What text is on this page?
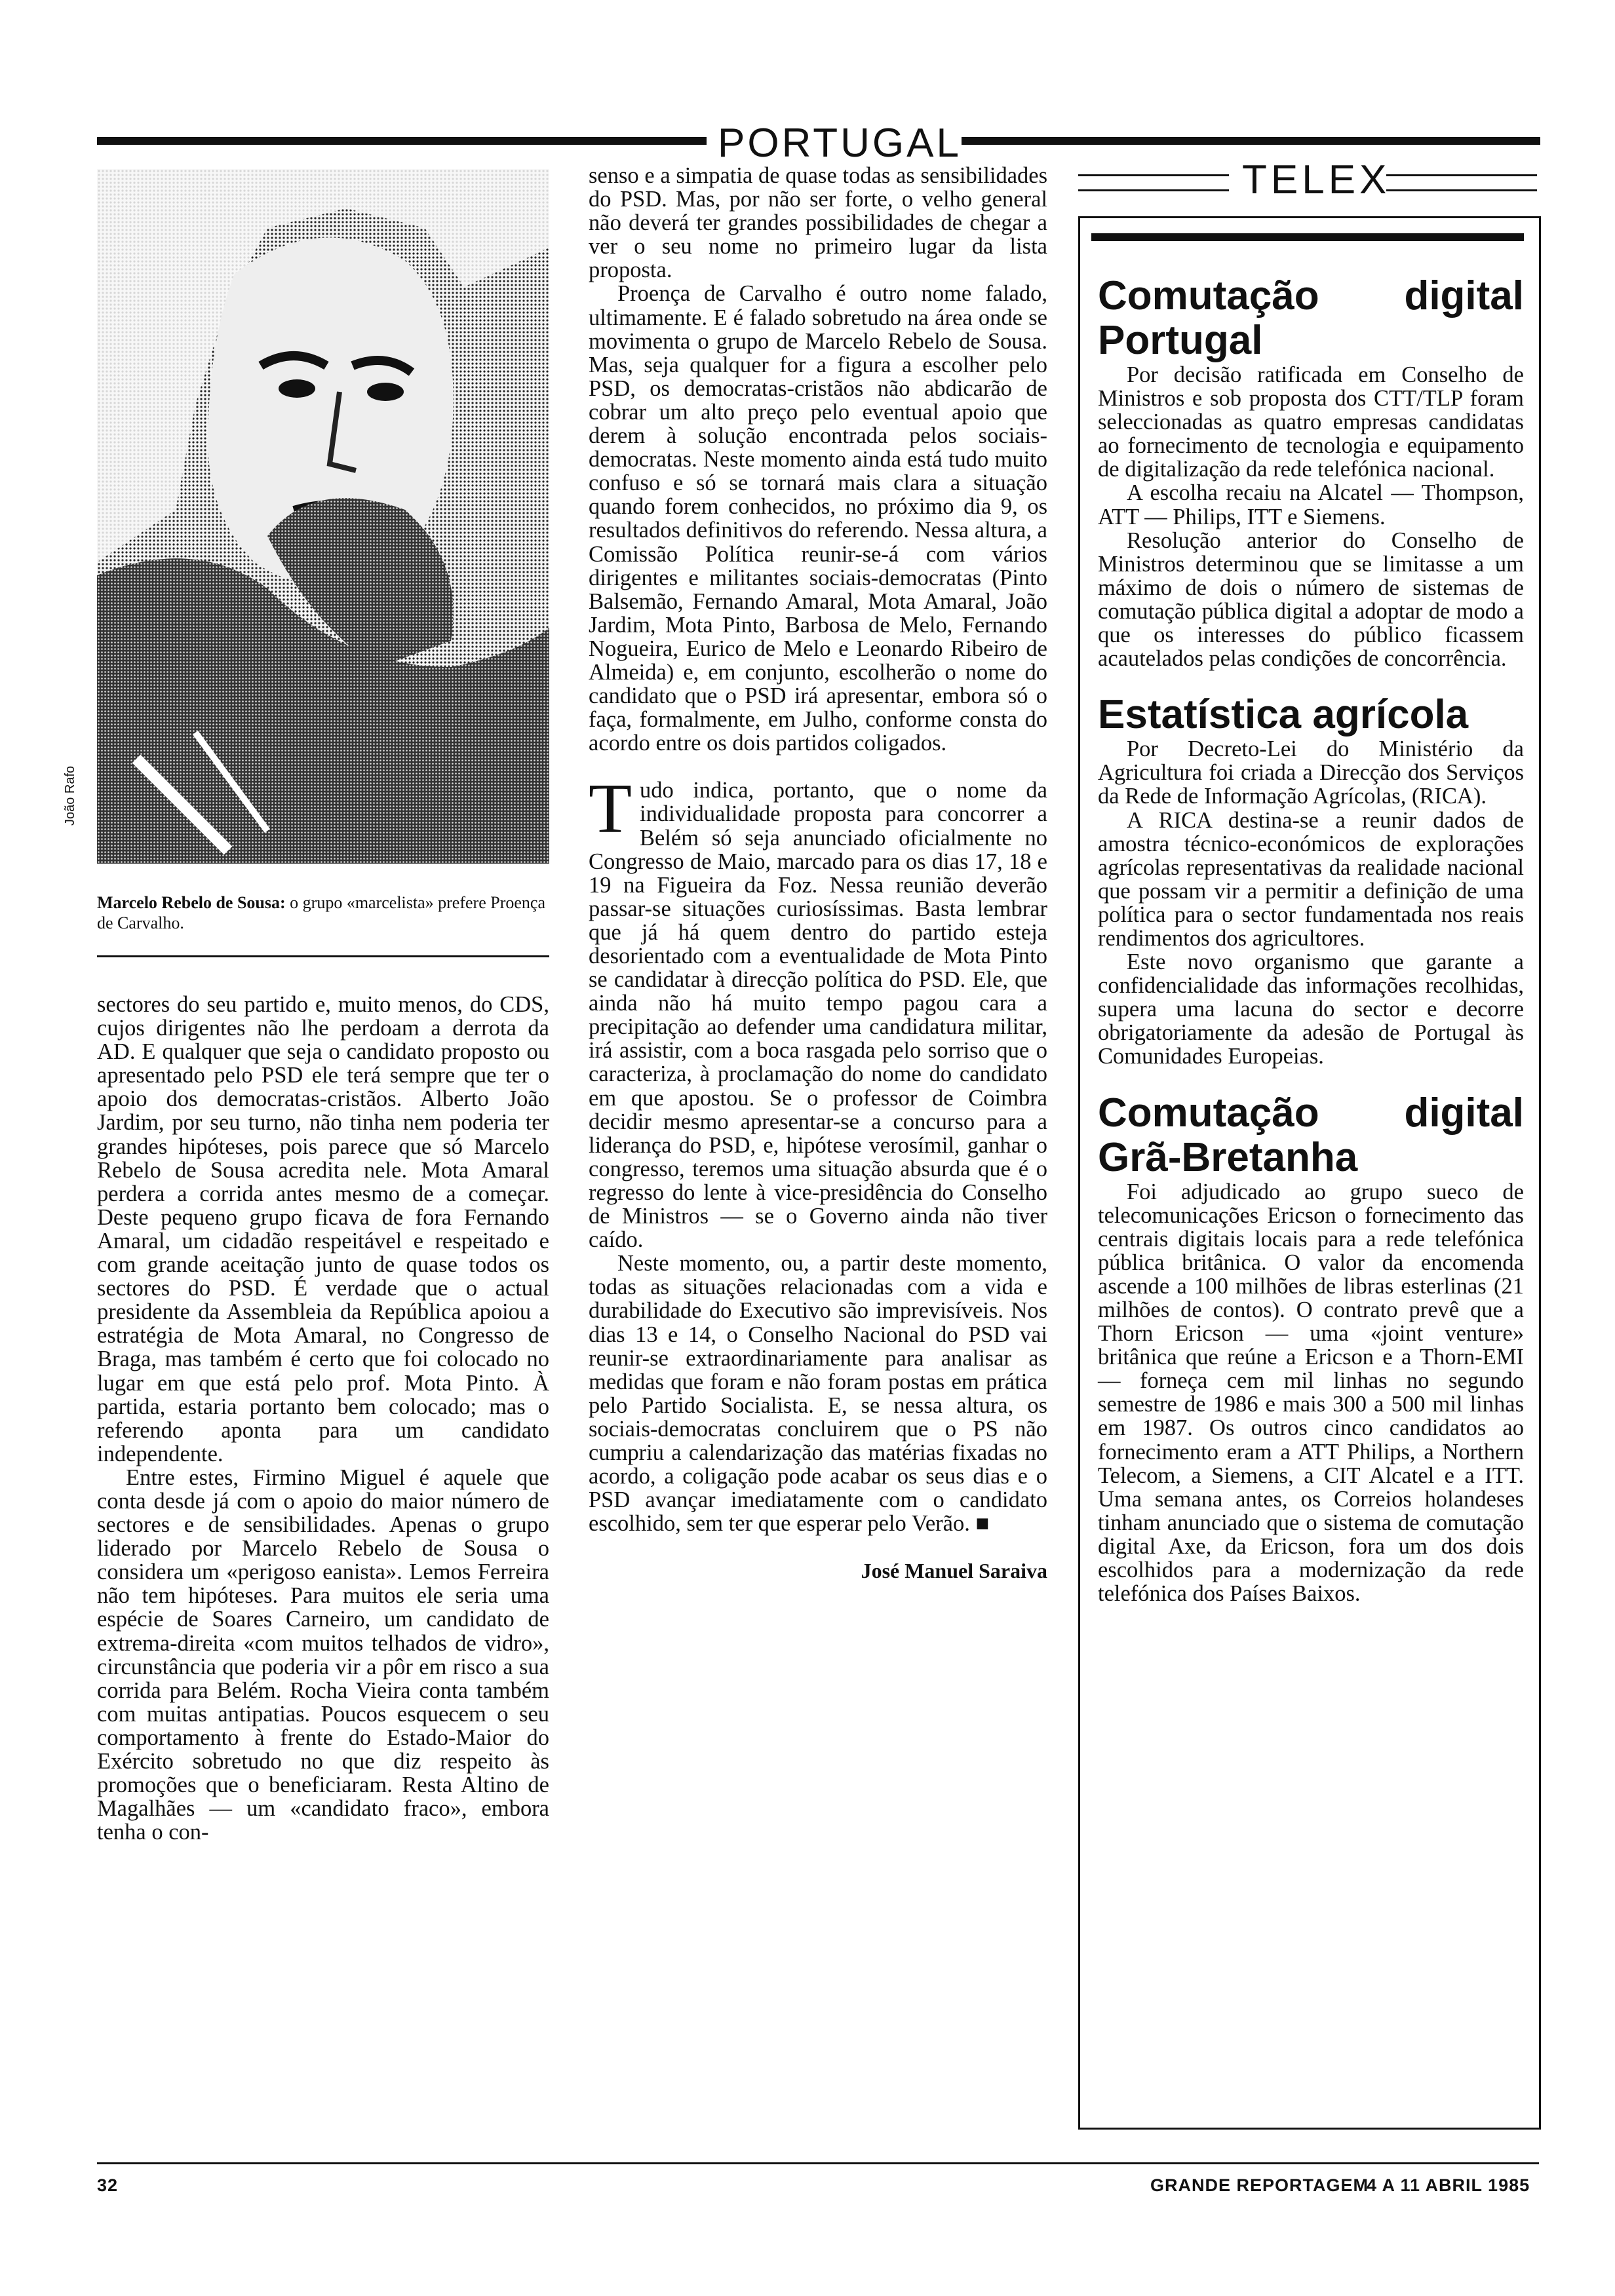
PORTUGAL
João Rafo
Marcelo Rebelo de Sousa: o grupo «marcelista» prefere Proença de Carvalho.

sectores do seu partido e, muito menos, do CDS, cujos dirigentes não lhe perdoam a derrota da AD. E qualquer que seja o candidato proposto ou apresentado pelo PSD ele terá sempre que ter o apoio dos democratas-cristãos. Alberto João Jardim, por seu turno, não tinha nem poderia ter grandes hipóteses, pois parece que só Marcelo Rebelo de Sousa acredita nele. Mota Amaral perdera a corrida antes mesmo de a começar. Deste pequeno grupo ficava de fora Fernando Amaral, um cidadão respeitável e respeitado e com grande aceitação junto de quase todos os sectores do PSD. É verdade que o actual presidente da Assembleia da República apoiou a estratégia de Mota Amaral, no Congresso de Braga, mas também é certo que foi colocado no lugar em que está pelo prof. Mota Pinto. À partida, estaria portanto bem colocado; mas o referendo aponta para um candidato independente.

Entre estes, Firmino Miguel é aquele que conta desde já com o apoio do maior número de sectores e de sensibilidades. Apenas o grupo liderado por Marcelo Rebelo de Sousa o considera um «perigoso eanista». Lemos Ferreira não tem hipóteses. Para muitos ele seria uma espécie de Soares Carneiro, um candidato de extrema-direita «com muitos telhados de vidro», circunstância que poderia vir a pôr em risco a sua corrida para Belém. Rocha Vieira conta também com muitas antipatias. Poucos esquecem o seu comportamento à frente do Estado-Maior do Exército sobretudo no que diz respeito às promoções que o beneficiaram. Resta Altino de Magalhães — um «candidato fraco», embora tenha o con-

senso e a simpatia de quase todas as sensibilidades do PSD. Mas, por não ser forte, o velho general não deverá ter grandes possibilidades de chegar a ver o seu nome no primeiro lugar da lista proposta.

Proença de Carvalho é outro nome falado, ultimamente. E é falado sobretudo na área onde se movimenta o grupo de Marcelo Rebelo de Sousa. Mas, seja qualquer for a figura a escolher pelo PSD, os democratas-cristãos não abdicarão de cobrar um alto preço pelo eventual apoio que derem à solução encontrada pelos sociais-democratas. Neste momento ainda está tudo muito confuso e só se tornará mais clara a situação quando forem conhecidos, no próximo dia 9, os resultados definitivos do referendo. Nessa altura, a Comissão Política reunir-se-á com vários dirigentes e militantes sociais-democratas (Pinto Balsemão, Fernando Amaral, Mota Amaral, João Jardim, Mota Pinto, Barbosa de Melo, Fernando Nogueira, Eurico de Melo e Leonardo Ribeiro de Almeida) e, em conjunto, escolherão o nome do candidato que o PSD irá apresentar, embora só o faça, formalmente, em Julho, conforme consta do acordo entre os dois partidos coligados.

Tudo indica, portanto, que o nome da individualidade proposta para concorrer a Belém só seja anunciado oficialmente no Congresso de Maio, marcado para os dias 17, 18 e 19 na Figueira da Foz. Nessa reunião deverão passar-se situações curiosíssimas. Basta lembrar que já há quem dentro do partido esteja desorientado com a eventualidade de Mota Pinto se candidatar à direcção política do PSD. Ele, que ainda não há muito tempo pagou cara a precipitação ao defender uma candidatura militar, irá assistir, com a boca rasgada pelo sorriso que o caracteriza, à proclamação do nome do candidato em que apostou. Se o professor de Coimbra decidir mesmo apresentar-se a concurso para a liderança do PSD, e, hipótese verosímil, ganhar o congresso, teremos uma situação absurda que é o regresso do lente à vice-presidência do Conselho de Ministros — se o Governo ainda não tiver caído.

Neste momento, ou, a partir deste momento, todas as situações relacionadas com a vida e durabilidade do Executivo são imprevisíveis. Nos dias 13 e 14, o Conselho Nacional do PSD vai reunir-se extraordinariamente para analisar as medidas que foram e não foram postas em prática pelo Partido Socialista. E, se nessa altura, os sociais-democratas concluirem que o PS não cumpriu a calendarização das matérias fixadas no acordo, a coligação pode acabar os seus dias e o PSD avançar imediatamente com o candidato escolhido, sem ter que esperar pelo Verão. ■

José Manuel Saraiva

TELEX

Comutação digital Portugal

Por decisão ratificada em Conselho de Ministros e sob proposta dos CTT/TLP foram seleccionadas as quatro empresas candidatas ao fornecimento de tecnologia e equipamento de digitalização da rede telefónica nacional.

A escolha recaiu na Alcatel — Thompson, ATT — Philips, ITT e Siemens.

Resolução anterior do Conselho de Ministros determinou que se limitasse a um máximo de dois o número de sistemas de comutação pública digital a adoptar de modo a que os interesses do público ficassem acautelados pelas condições de concorrência.

Estatística agrícola

Por Decreto-Lei do Ministério da Agricultura foi criada a Direcção dos Serviços da Rede de Informação Agrícolas, (RICA).

A RICA destina-se a reunir dados de amostra técnico-económicos de explorações agrícolas representativas da realidade nacional que possam vir a permitir a definição de uma política para o sector fundamentada nos reais rendimentos dos agricultores.

Este novo organismo que garante a confidencialidade das informações recolhidas, supera uma lacuna do sector e decorre obrigatoriamente da adesão de Portugal às Comunidades Europeias.

Comutação digital Grã-Bretanha

Foi adjudicado ao grupo sueco de telecomunicações Ericson o fornecimento das centrais digitais locais para a rede telefónica pública britânica. O valor da encomenda ascende a 100 milhões de libras esterlinas (21 milhões de contos). O contrato prevê que a Thorn Ericson — uma «joint venture» britânica que reúne a Ericson e a Thorn-EMI — forneça cem mil linhas no segundo semestre de 1986 e mais 300 a 500 mil linhas em 1987. Os outros cinco candidatos ao fornecimento eram a ATT Philips, a Northern Telecom, a Siemens, a CIT Alcatel e a ITT. Uma semana antes, os Correios holandeses tinham anunciado que o sistema de comutação digital Axe, da Ericson, fora um dos dois escolhidos para a modernização da rede telefónica dos Países Baixos.

32	GRANDE REPORTAGEM
4 A 11 ABRIL 1985
